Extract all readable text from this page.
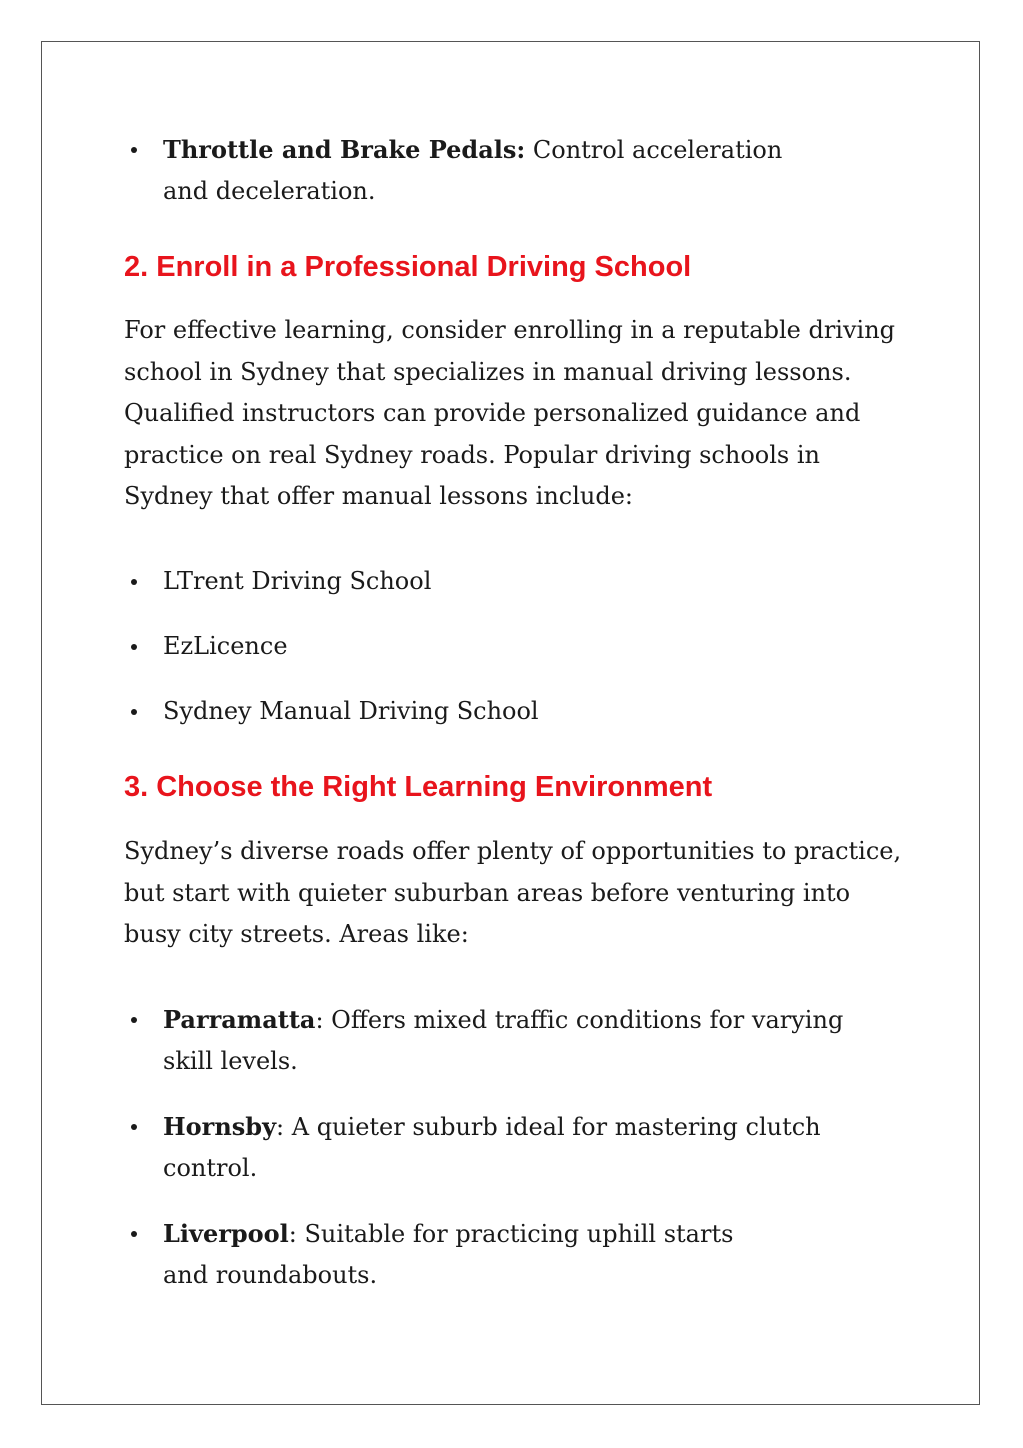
Throttle and Brake Pedals: Control acceleration and deceleration.
2. Enroll in a Professional Driving School

For effective learning, consider enrolling in a reputable driving school in Sydney that specializes in manual driving lessons. Qualified instructors can provide personalized guidance and practice on real Sydney roads. Popular driving schools in Sydney that offer manual lessons include:

LTrent Driving School
EzLicence
Sydney Manual Driving School
3. Choose the Right Learning Environment

Sydney’s diverse roads offer plenty of opportunities to practice, but start with quieter suburban areas before venturing into busy city streets. Areas like:

Parramatta: Offers mixed traffic conditions for varying skill levels.
Hornsby: A quieter suburb ideal for mastering clutch control.
Liverpool: Suitable for practicing uphill starts and roundabouts.
